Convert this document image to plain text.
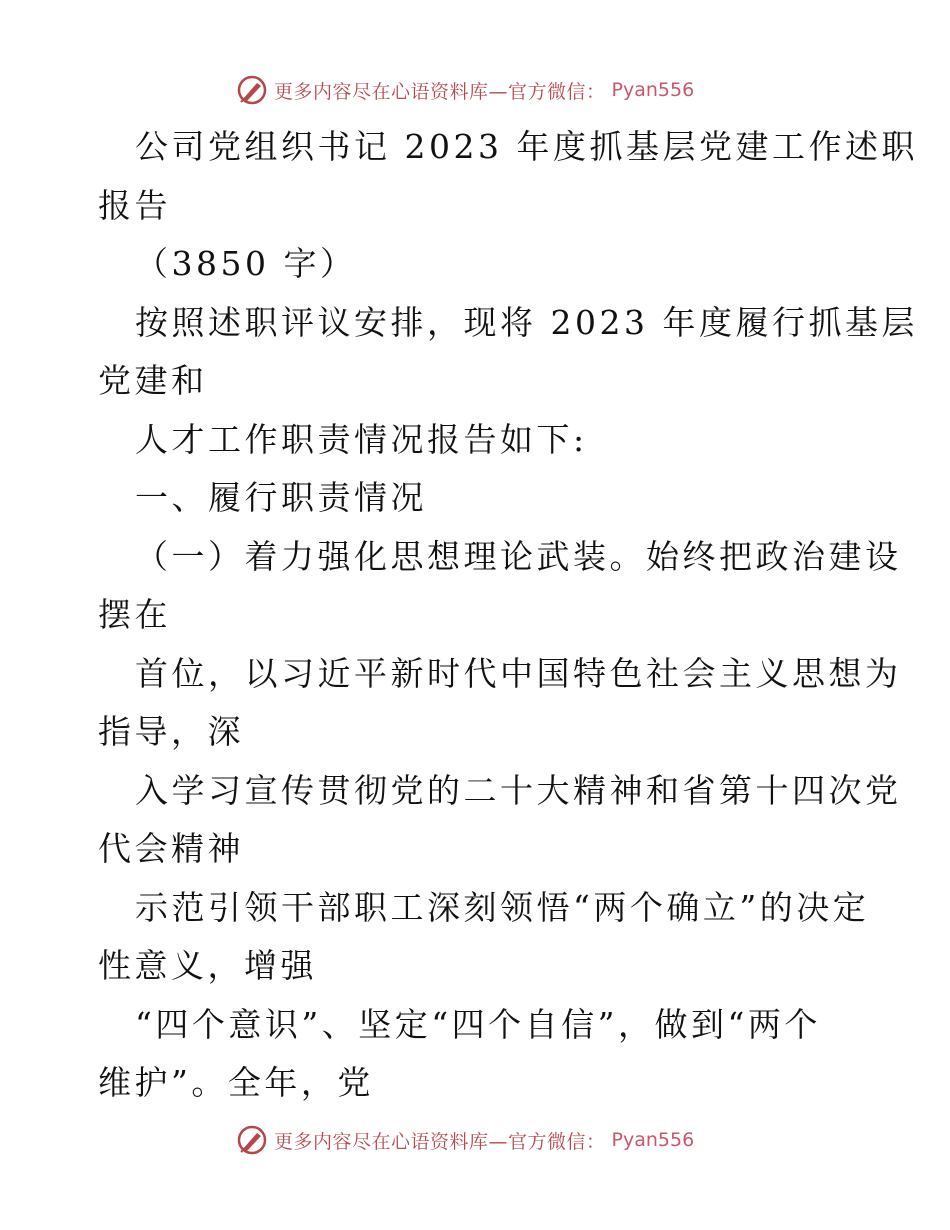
更多内容尽在心语资料库—官方微信： Pyan556
公司党组织书记 2023 年度抓基层党建工作述职
报告
（3850 字）
按照述职评议安排，现将 2023 年度履行抓基层
党建和
人才工作职责情况报告如下:
一、履行职责情况
（一）着力强化思想理论武装。始终把政治建设
摆在
首位，以习近平新时代中国特色社会主义思想为
指导，深
入学习宣传贯彻党的二十大精神和省第十四次党
代会精神
示范引领干部职工深刻领悟“两个确立”的决定
性意义，增强
“四个意识”、坚定“四个自信”，做到“两个
维护”。全年，党
更多内容尽在心语资料库—官方微信： Pyan556
